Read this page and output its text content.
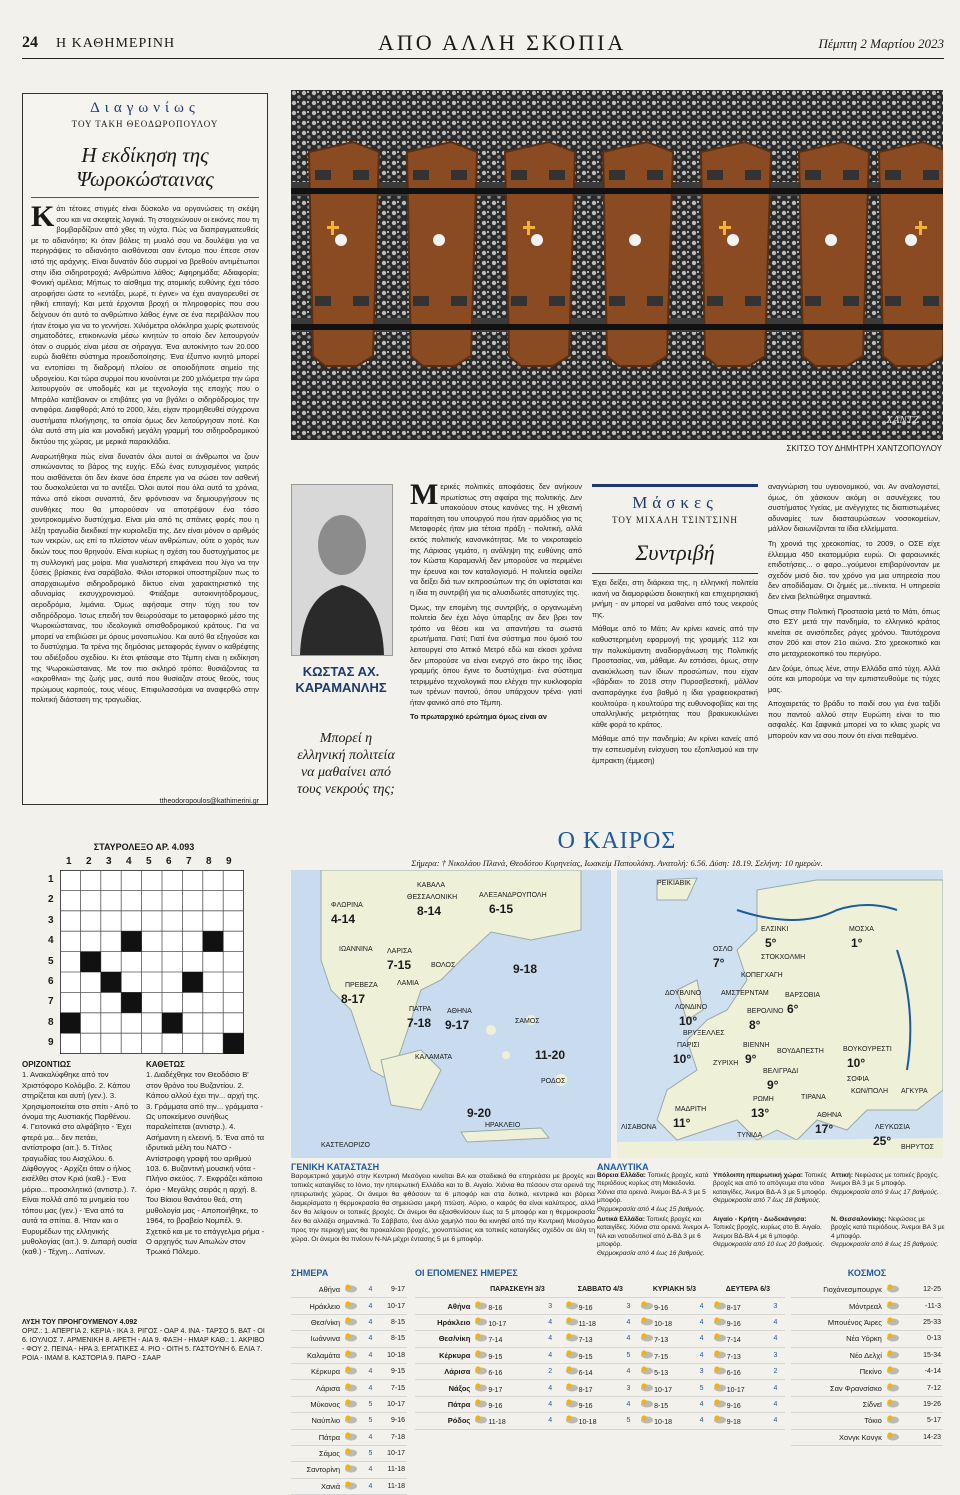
24 Η ΚΑΘΗΜΕΡΙΝΗ	ΑΠΟ ΑΛΛΗ ΣΚΟΠΙΑ	Πέμπτη 2 Μαρτίου 2023
Διαγωνίως
ΤΟΥ ΤΑΚΗ ΘΕΟΔΩΡΟΠΟΥΛΟΥ
Η εκδίκηση της Ψωροκώσταινας

Κάτι τέτοιες στιγμές είναι δύσκολο να οργανώσεις τη σκέψη σου και να σκεφτείς λογικά. Τη στοιχειώνουν οι εικόνες που τη βομβαρδίζουν από χθες τη νύχτα. Πώς να διαπραγματευθείς με το αδιανόητο; Κι όταν βάλεις τη μυαλό σου να δουλέψει για να περιγράψεις το αδιανόητο αισθάνεσαι σαν έντομο που έπεσε στον ιστό της αράχνης. Είναι δυνατόν δύο συρμοί να βρεθούν αντιμέτωποι στην ίδια σιδηροτροχιά; Ανθρώπινο λάθος; Αφηρημάδα; Αδιαφορία; Φονική αμέλεια; Μήπως το αίσθημα της ατομικής ευθύνης έχει τόσο ατροφήσει ώστε το «εντάξει, μωρέ, τι έγινε» να έχει αναγορευθεί σε ηθική επιταγή; Και μετά έρχονται βροχή οι πληροφορίες που σου δείχνουν ότι αυτό το ανθρώπινο λάθος έγινε σε ένα περιβάλλον που ήταν έτοιμο για να το γεννήσει. Χιλιόμετρα ολόκληρα χωρίς φωτεινούς σηματοδότες, επικοινωνία μέσω κινητών το οποίο δεν λειτουργούν όταν ο συρμός είναι μέσα σε σήραγγα. Ένα αυτοκίνητο των 20.000 ευρώ διαθέτει σύστημα προειδοποίησης. Ένα έξυπνο κινητό μπορεί να εντοπίσει τη διαδρομή πλοίου σε οποιοδήποτε σημείο της υδρογείου. Και τώρα συρμοί που κινούνται με 200 χιλιόμετρα την ώρα λειτουργούν σε υποδομές και με τεχνολογία της εποχής που ο Μπράλο κατέβαιναν οι επιβάτες για να βγάλει ο σιδηρόδρομος την αντιφόρα. Διαφθορά; Από το 2000, λέει, είχαν προμηθευθεί σύγχρονα συστήματα πλοήγησης, τα οποία όμως δεν λειτούργησαν ποτέ. Και όλα αυτά στη μία και μοναδική μεγάλη γραμμή του σιδηροδρομικού δικτύου της χώρας, με μερικά παρακλάδια.

Αναρωτήθηκα πώς είναι δυνατόν όλοι αυτοί οι άνθρωποι να ζουν σπικώνοντας το βάρος της ευχής. Εδώ ένας ευτυχισμένος γιατρός που αισθάνεται ότι δεν έκανε όσα έπρεπε για να σώσει τον ασθενή του δυσκολεύεται να το αντέξει. Όλοι αυτοί που όλα αυτά τα χρόνια, πάνω από είκοσι συναπτά, δεν φρόντισαν να δημιουργήσουν τις συνθήκες που θα μπορούσαν να αποτρέψουν ένα τόσο χοντροκομμένο δυστύχημα. Είναι μία από τις σπάνιες φορές που η λέξη τραγωδία διεκδικεί την κυριολεξία της. Δεν είναι μόνον ο αριθμός των νεκρών, ως επί το πλείστον νέων ανθρώπων, ούτε ο χορός των δικών τους που θρηνούν. Είναι κυρίως η σχέση του δυστυχήματος με τη συλλογική μας μοίρα. Μια γυαλιστερή επιφάνεια που λίγο να την ξύσεις βρίσκεις ένα σαράβαλο. Φιλοι ιστορικοί υποστηρίζουν πως το απαρχαιωμένο σιδηροδρομικό δίκτυο είναι χαρακτηριστικό της αδυναμίας εκσυγχρονισμού. Φτιάξαμε αυτοκινητόδρομους, αεροδρόμια, λιμάνια. Όμως αφήσαμε στην τύχη του τον σιδηρόδρομο. Ίσως επειδή τον θεωρούσαμε το μεταφορικό μέσο της Ψωροκώσταινας, του ιδεολογικά οπισθοδρομικού κράτους. Για να μπορεί να επιβιώσει με όρους μονοπωλίου. Και αυτό θα εξηγούσε και το δυστύχημα. Τα τρένα της δημόσιας μεταφοράς έγιναν ο καθρέφτης του αδιέξοδου σχεδίου. Κι έτσι φτάσαμε στο Τέμπη είναι η εκδίκηση της Ψωροκώσταινας. Με τον πιο σκληρό τρόπο: θυσιάζοντας τα «ακροθίνια» της ζωής μας, αυτά που θυσίαζαν στους θεούς, τους πρώιμους καρπούς, τους νέους. Επιφυλασσόμαι να αναφερθώ στην πολιτική διάσταση της τραγωδίας.

ttheodoropoulos@kathimerini.gr
ΧΑΝΤΖ
ΣΚΙΤΣΟ ΤΟΥ ΔΗΜΗΤΡΗ ΧΑΝΤΖΟΠΟΥΛΟΥ
ΚΩΣΤΑΣ ΑΧ.
ΚΑΡΑΜΑΝΛΗΣ
Μπορεί η ελληνική πολιτεία να μαθαίνει από τους νεκρούς της;

Μερικές πολιτικές αποφάσεις δεν ανήκουν πρωτίστως στη σφαίρα της πολιτικής. Δεν υπακούουν στους κανόνες της. Η χθεσινή παραίτηση του υπουργού που ήταν αρμόδιος για τις Μεταφορές ήταν μια τέτοια πράξη - πολιτική, αλλά εκτός πολιτικής κανονικότητας. Με το νεκροταφείο της Λάρισας γεμάτο, η ανάληψη της ευθύνης από τον Κώστα Καραμανλή δεν μπορούσε να περιμένει την έρευνα και τον καταλογισμό. Η πολιτεία οφείλει να δείξει διά των εκπροσώπων της ότι υφίσταται και η ίδια τη συντριβή για τις αλυσιδωτές αποτυχίες της.

Όμως, την επομένη της συντριβής, ο οργανωμένη πολιτεία δεν έχει λόγο ύπαρξης αν δεν βρει τον τρόπο να θέσει και να απαντήσει τα σωστά ερωτήματα. Γιατί; Γιατί ένα σύστημα που όμοιό του λειτουργεί στο Αττικό Μετρό εδώ και είκοσι χρόνια δεν μπορούσε να είναι ενεργό στο άκρο της ίδιας γραμμής όπου έγινε το δυστύχημα· ένα σύστημα τετριμμένο τεχνολογικά που ελέγχει την κυκλοφορία των τρένων παντού, όπου υπάρχουν τρένα· γιατί ήταν φανικό από στο Τέμπη.

Το πρωταρχικό ερώτημα όμως είναι αν

Μάσκες
ΤΟΥ ΜΙΧΑΛΗ ΤΣΙΝΤΣΙΝΗ
Συντριβή

Έχει δείξει, στη διάρκεια της, η ελληνική πολιτεία ικανή να διαμορφώσει διοικητική και επιχειρησιακή μνήμη - αν μπορεί να μαθαίνει από τους νεκρούς της.

Μάθαμε από το Μάτι; Αν κρίνει κανείς από την καθυστερημένη εφαρμογή της γραμμής 112 και την πολυκύμαντη αναδιοργάνωση της Πολιτικής Προστασίας, ναι, μάθαμε. Αν εστιάσει, όμως, στην ανακύκλωση των ίδιων προσώπων, που είχαν «βάρδια» το 2018 στην Πυροσβεστική, μάλλον αναπαράγηκε ένα βαθμό η ίδια γραφειοκρατική κουλτούρα· η κουλτούρα της ευθυνοφοβίας και της υπαλληλικής μετριότητας που βρακυκυκλώνει κάθε φορά το κράτος.

Μάθαμε από την πανδημία; Αν κρίνει κανείς από την εσπευσμένη ενίσχυση του εξοπλισμού και την έμπρακτη (έμμεση)

αναγνώριση του υγειονομικού, ναι. Αν αναλογιστεί, όμως, ότι χάσκουν ακόμη οι ασυνέχειες του συστήματος Υγείας, με ανέγγιχτες τις διαπιστωμένες αδυναμίες των διασταυρώσεων νοσοκομείων, μάλλον διαιωνίζονται τα ίδια ελλείμματα.

Τη χρονιά της χρεοκοπίας, το 2009, ο ΟΣΕ είχε έλλειμμα 450 εκατομμύρια ευρώ. Οι φαραωνικές επιδοτήσεις... ο φαρο...γούμενοι επιβαρύνονταν με σχεδόν μισό δισ. τον χρόνο για μια υπηρεσία που δεν αποδίδαμαν. Οι ζημιές με...τίνεκτα. Η υπηρεσία δεν είναι βελτιώθηκε σημαντικά.

Όπως στην Πολιτική Προστασία μετά το Μάτι, όπως στο ΕΣΥ μετά την πανδημία, το ελληνικό κράτος κινείται σε ανισόπεδες ράγες χρόνου. Ταυτόχρονα στον 20ό και στον 21ο αιώνα. Στο χρεοκοπικό και στο μεταχρεοκοπικό του περιγύρο.

Δεν ζούμε, όπως λένε, στην Ελλάδα από τύχη. Αλλά ούτε και μπορούμε να την εμπιστευθούμε τις τύχες μας.

Αποχαιρετάς το βράδυ το παιδί σου για ένα ταξίδι που παντού αλλού στην Ευρώπη είναι το πιο ασφαλές. Και ξαφνικά μπορεί να το κλαις χωρίς να μπορούν καν να σου πουν ότι είναι πεθαμένο.

ΣΤΑΥΡΟΛΕΞΟ ΑΡ. 4.093
1 2 3 4 5 6 7 8 9
1
2
3
4
5
6
7
8
9
ΟΡΙΖΟΝΤΙΩΣ
1. Ανακαλύφθηκε από τον Χριστόφορο Κολόμβο. 2. Κάπου στηρίζεται και αυτή (γεν.). 3. Χρησιμοποιείται στο σπίτι - Από το όνομα της Αυστιακής Παρθένου. 4. Γειτονικά στο αλφάβητο - Έχει φτερά μα... δεν πετάει, αντίστροφα (αιτ.). 5. Τίτλος τραγωδίας του Αισχύλου. 6. Δίφθογγος - Αρχίζει όταν ο ήλιος εισέλθει στον Κριό (καθ.) - Ένα μόριο... προσκλητικό (αντιστρ.). 7. Είναι πολλά από τα μνημεία του τόπου μας (γεν.) - Ένα από τα αυτά τα σπίτια. 8. Ήταν και ο Ευρυμέδων της ελληνικής μυθολογίας (αιτ.). 9. Διπαρή ουσία (καθ.) - Τέχνη... Λατίνων.
ΚΑΘΕΤΩΣ
1. Διαδέχθηκε τον Θεοδόσιο Β' στον θρόνο του Βυζαντίου. 2. Κάπου αλλού έχει την... αρχή της. 3. Γράμματα από την... γράμματα - Ως υποκείμενο συνήθως παραλείπεται (αντιστρ.). 4. Ασήμαντη η ελεεινή. 5. Ένα από τα ιδρυτικά μέλη του ΝΑΤΟ - Αντίστροφη γραφή του αριθμού 103. 6. Βυζαντινή μουσική νότα - Πλήνο σκεύος. 7. Εκφράζει κάποιο όριο - Μεγάλης σειράς η αρχή. 8. Του Βίαιου θανάτου θεά, στη μυθολογία μας - Αποποιήθηκε, το 1964, το βραβείο Νομπέλ. 9. Σχετικό και με το επάγγελμα ρήμα - Ο αρχηγός των Αιτωλών στον Τρωικό Πόλεμο.
ΛΥΣΗ ΤΟΥ ΠΡΟΗΓΟΥΜΕΝΟΥ 4.092
ΟΡΙΖ.: 1. ΑΠΕΡΓΙΑ 2. ΚΕΡΙΑ - ΙΚΑ 3. ΡΙΓΟΣ - ΟΑΡ 4. ΙΝΑ - ΤΑΡΣΟ 5. ΒΑΤ - ΟΙ 6. ΙΟΥΛΙΟΣ 7. ΑΡΜΕΝΙΚΗ 8. ΑΡΕΤΗ - ΑΙΑ 9. ΦΑΞΗ - ΗΜΑΡ ΚΑΘ.: 1. ΑΚΡΙΒΟ - ΦΟΥ 2. ΠΕΙΝΑ - ΗΡΑ 3. ΕΡΓΑΤΙΚΕΣ 4. ΡΙΟ - ΟΙΤΗ 5. ΓΑΣΤΟΥΝΗ 6. ΕΛΙΑ 7. ΡΟΙΑ - ΙΜΑΜ 8. ΚΑΣΤΟΡΙΑ 9. ΠΑΡΟ - ΣΑΑΡ
Ο ΚΑΙΡΟΣ
Σήμερα: † Νικολάου Πλανά, Θεοδότου Κυρηνείας, Ιωακείμ Παπουλάκη. Ανατολή: 6.56. Δύση: 18.19. Σελήνη: 10 ημερών.
ΚΑΒΑΛΑ
ΘΕΣΣΑΛΟΝΙΚΗ
8-14
ΑΛΕΞΑΝΔΡΟΥΠΟΛΗ
6-15
ΦΛΩΡΙΝΑ
4-14
ΙΩΑΝΝΙΝΑ ΛΑΡΙΣΑ
7-15	ΒΟΛΟΣ
ΠΡΕΒΕΖΑ
8-17
ΛΑΜΙΑ
ΠΑΤΡΑ
7-18
ΑΘΗΝΑ
9-17	ΣΑΜΟΣ
ΚΑΛΑΜΑΤΑ
ΡΟΔΟΣ
ΗΡΑΚΛΕΙΟ
ΚΑΣΤΕΛΟΡΙΖΟ
9-18
11-20
9-20
ΡΕΙΚΙΑΒΙΚ
ΕΛΣΙΝΚΙ
5°
ΜΟΣΧΑ
1°
ΟΣΛΟ
7°	ΣΤΟΚΧΟΛΜΗ
ΚΟΠΕΓΧΑΓΗ
ΔΟΥΒΛΙΝΟ	ΑΜΣΤΕΡΝΤΑΜ ΒΑΡΣΟΒΙΑ
6°
ΛΟΝΔΙΝΟ
10°
ΒΕΡΟΛΙΝΟ
8°
ΒΡΥΞΕΛΛΕΣ
ΠΑΡΙΣΙ
10°
ΒΙΕΝΝΗ
9°
ΒΟΥΚΟΥΡΕΣΤΙ
10°
ΒΟΥΔΑΠΕΣΤΗ
ΖΥΡΙΧΗ
ΒΕΛΙΓΡΑΔΙ
9°	ΣΟΦΙΑ
ΚΩΝ/ΠΟΛΗ ΑΓΚΥΡΑ
ΤΙΡΑΝΑ
ΡΩΜΗ
13°
ΜΑΔΡΙΤΗ
11°
ΛΙΣΑΒΟΝΑ
ΤΥΝΙΔΑ
ΑΘΗΝΑ
17°	ΛΕΥΚΩΣΙΑ
25° ΒΗΡΥΤΟΣ
ΓΕΝΙΚΗ ΚΑΤΑΣΤΑΣΗ
Βαρομετρικό χαμηλό στην Κεντρική Μεσόγειο κινείται ΒΑ και σταδιακά θα επηρεάσει με βροχές και τοπικές καταιγίδες το Ιόνιο, την ηπειρωτική Ελλάδα και το Β. Αιγαίο. Χιόνια θα πέσουν στα ορεινά της ηπειρωτικής χώρας. Οι άνεμοι θα φθάσουν τα 6 μποφόρ και στα δυτικά, κεντρικά και βόρεια διαμερίσματα η θερμοκρασία θα σημειώσει μικρή πτώση. Αύριο, ο καιρός θα είναι καλύτερος, αλλά δεν θα λείψουν οι τοπικές βροχές. Οι άνεμοι θα εξασθενίσουν έως τα 5 μποφόρ και η θερμοκρασία δεν θα αλλάξει σημαντικά. Το Σάββατο, ένα άλλο χαμηλό που θα κινηθεί από την Κεντρική Μεσόγειο προς την περιοχή μας θα προκαλέσει βροχές, χιονοπτώσεις και τοπικές καταιγίδες σχεδόν σε όλη τη χώρα. Οι άνεμοι θα πνέουν Ν-ΝΑ μέχρι έντασης 5 με 6 μποφόρ.
ΑΝΑΛΥΤΙΚΑ
Βόρεια Ελλάδα: Τοπικές βροχές, κατά περιόδους κυρίως στη Μακεδονία. Χιόνια στα ορεινά. Άνεμοι ΒΔ-Α 3 με 5 μποφόρ.
Θερμοκρασία από 4 έως 15 βαθμούς.
Υπόλοιπη ηπειρωτική χώρα: Τοπικές βροχές και από το απόγευμα στα νότια καταιγίδες. Άνεμοι ΒΔ-Α 3 με 5 μποφόρ.
Θερμοκρασία από 7 έως 18 βαθμούς.
Αττική: Νεφώσεις με τοπικές βροχές. Άνεμοι ΒΑ 3 με 5 μποφόρ.
Θερμοκρασία από 9 έως 17 βαθμούς.
Δυτικά Ελλάδα: Τοπικές βροχές και καταιγίδες. Χιόνια στα ορεινά. Άνεμοι Α-ΝΑ και νοτιοδυτικοί από Δ-ΒΔ 3 με 6 μποφόρ.
Θερμοκρασία από 4 έως 16 βαθμούς.
Αιγαίο - Κρήτη - Δωδεκάνησα: Τοπικές βροχές, κυρίως στο Β. Αιγαίο. Άνεμοι ΒΔ-ΒΑ 4 με 6 μποφόρ.
Θερμοκρασία από 10 έως 20 βαθμούς.
Ν. Θεσσαλονίκης: Νεφώσεις με βροχές κατά περιόδους. Άνεμοι ΒΑ 3 με 4 μποφόρ.
Θερμοκρασία από 8 έως 15 βαθμούς.
ΣΗΜΕΡΑ
Αθήνα		4	9-17
Ηράκλειο		4	10-17
Θεσ/νίκη		4	8-15
Ιωάννινα		4	8-15
Καλαμάτα		4	10-18
Κέρκυρα		4	9-15
Λάρισα		4	7-15
Μύκονος		5	10-17
Ναύπλιο		5	9-16
Πάτρα		4	7-18
Σάμος		5	10-17
Σαντορίνη		4	11-18
Χανιά		4	11-18
ΟΙ ΕΠΟΜΕΝΕΣ ΗΜΕΡΕΣ
	ΠΑΡΑΣΚΕΥΗ 3/3		ΣΑΒΒΑΤΟ 4/3		ΚΥΡΙΑΚΗ 5/3		ΔΕΥΤΕΡΑ 6/3	
Αθήνα	8-16	3	9-16	3	9-16	4	8-17	3
Ηράκλειο	10-17	4	11-18	4	10-18	4	9-16	4
Θεσ/νίκη	7-14	4	7-13	4	7-13	4	7-14	4
Κέρκυρα	9-15	4	9-15	5	7-15	4	7-13	3
Λάρισα	6-16	2	6-14	4	5-13	3	6-16	2
Νάξος	9-17	4	8-17	3	10-17	5	10-17	4
Πάτρα	9-16	4	9-16	4	8-15	4	9-16	4
Ρόδος	11-18	4	10-18	5	10-18	4	9-18	4
ΚΟΣΜΟΣ
Γιοχάνεσμπουργκ		12-25
Μόντρεαλ		-11-3
Μπουένος Άιρες		25-33
Νέα Υόρκη		0-13
Νέο Δελχί		15-34
Πεκίνο		-4-14
Σαν Φρανσίσκο		7-12
Σίδνεϊ		19-26
Τόκιο		5-17
Χονγκ Κονγκ		14-23
